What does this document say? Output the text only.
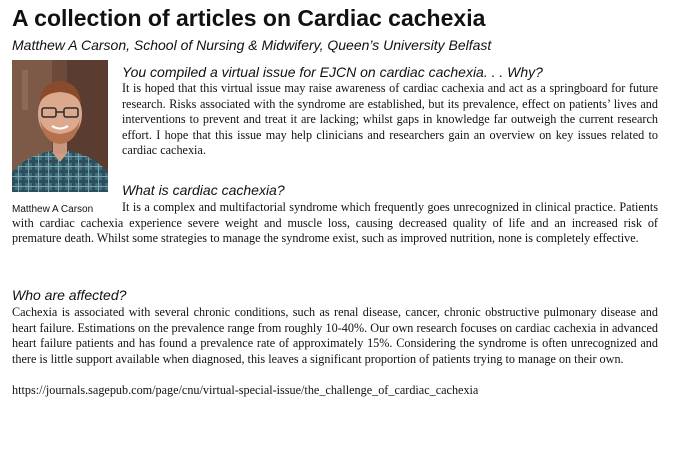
A collection of articles on Cardiac cachexia

Matthew A Carson, School of Nursing & Midwifery, Queen’s University Belfast

Matthew A Carson
You compiled a virtual issue for EJCN on cardiac cachexia. . . Why?

It is hoped that this virtual issue may raise awareness of cardiac cachexia and act as a springboard for future research. Risks associated with the syndrome are established, but its prevalence, effect on patients’ lives and interventions to prevent and treat it are lacking; whilst gaps in knowledge far outweigh the current research effort. I hope that this issue may help clinicians and researchers gain an overview on key issues related to cardiac cachexia.

What is cardiac cachexia?

It is a complex and multifactorial syndrome which frequently goes unrecognized in clinical practice. Patients with cardiac cachexia experience severe weight and muscle loss, causing decreased quality of life and an increased risk of premature death. Whilst some strategies to manage the syndrome exist, such as improved nutrition, none is completely effective.

Who are affected?

Cachexia is associated with several chronic conditions, such as renal disease, cancer, chronic obstructive pulmonary disease and heart failure. Estimations on the prevalence range from roughly 10-40%. Our own research focuses on cardiac cachexia in advanced heart failure patients and has found a prevalence rate of approximately 15%. Considering the syndrome is often unrecognized and there is little support available when diagnosed, this leaves a significant proportion of patients trying to manage on their own.

https://journals.sagepub.com/page/cnu/virtual-special-issue/the_challenge_of_cardiac_cachexia
